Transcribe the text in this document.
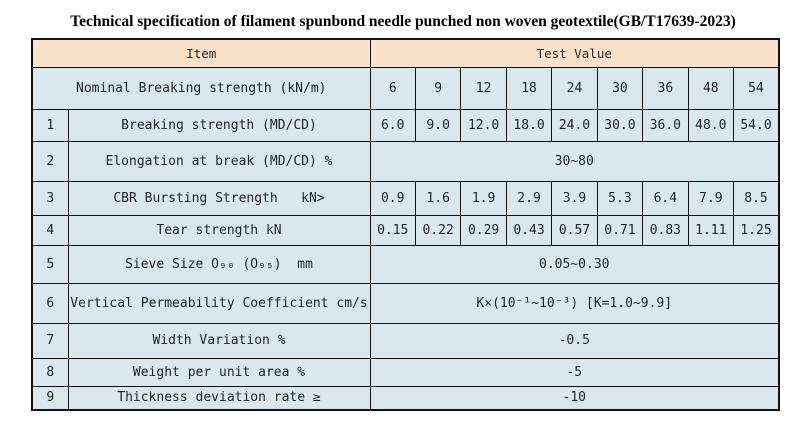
Technical specification of filament spunbond needle punched non woven geotextile(GB/T17639-2023)
Item		Test Value								
Nominal Breaking strength (kN/m)		6	9	12	18	24	30	36	48	54
1	Breaking strength (MD/CD)	6.0	9.0	12.0	18.0	24.0	30.0	36.0	48.0	54.0
2	Elongation at break (MD/CD) %	30~80								
3	CBR Bursting Strength   kN>	0.9	1.6	1.9	2.9	3.9	5.3	6.4	7.9	8.5
4	Tear strength kN	0.15	0.22	0.29	0.43	0.57	0.71	0.83	1.11	1.25
5	Sieve Size O₉₀ (O₉₅)  mm	0.05~0.30								
6	Vertical Permeability Coefficient cm/s	K×(10⁻¹~10⁻³) [K=1.0~9.9]								
7	Width Variation %	-0.5								
8	Weight per unit area %	-5								
9	Thickness deviation rate ≥	-10								
